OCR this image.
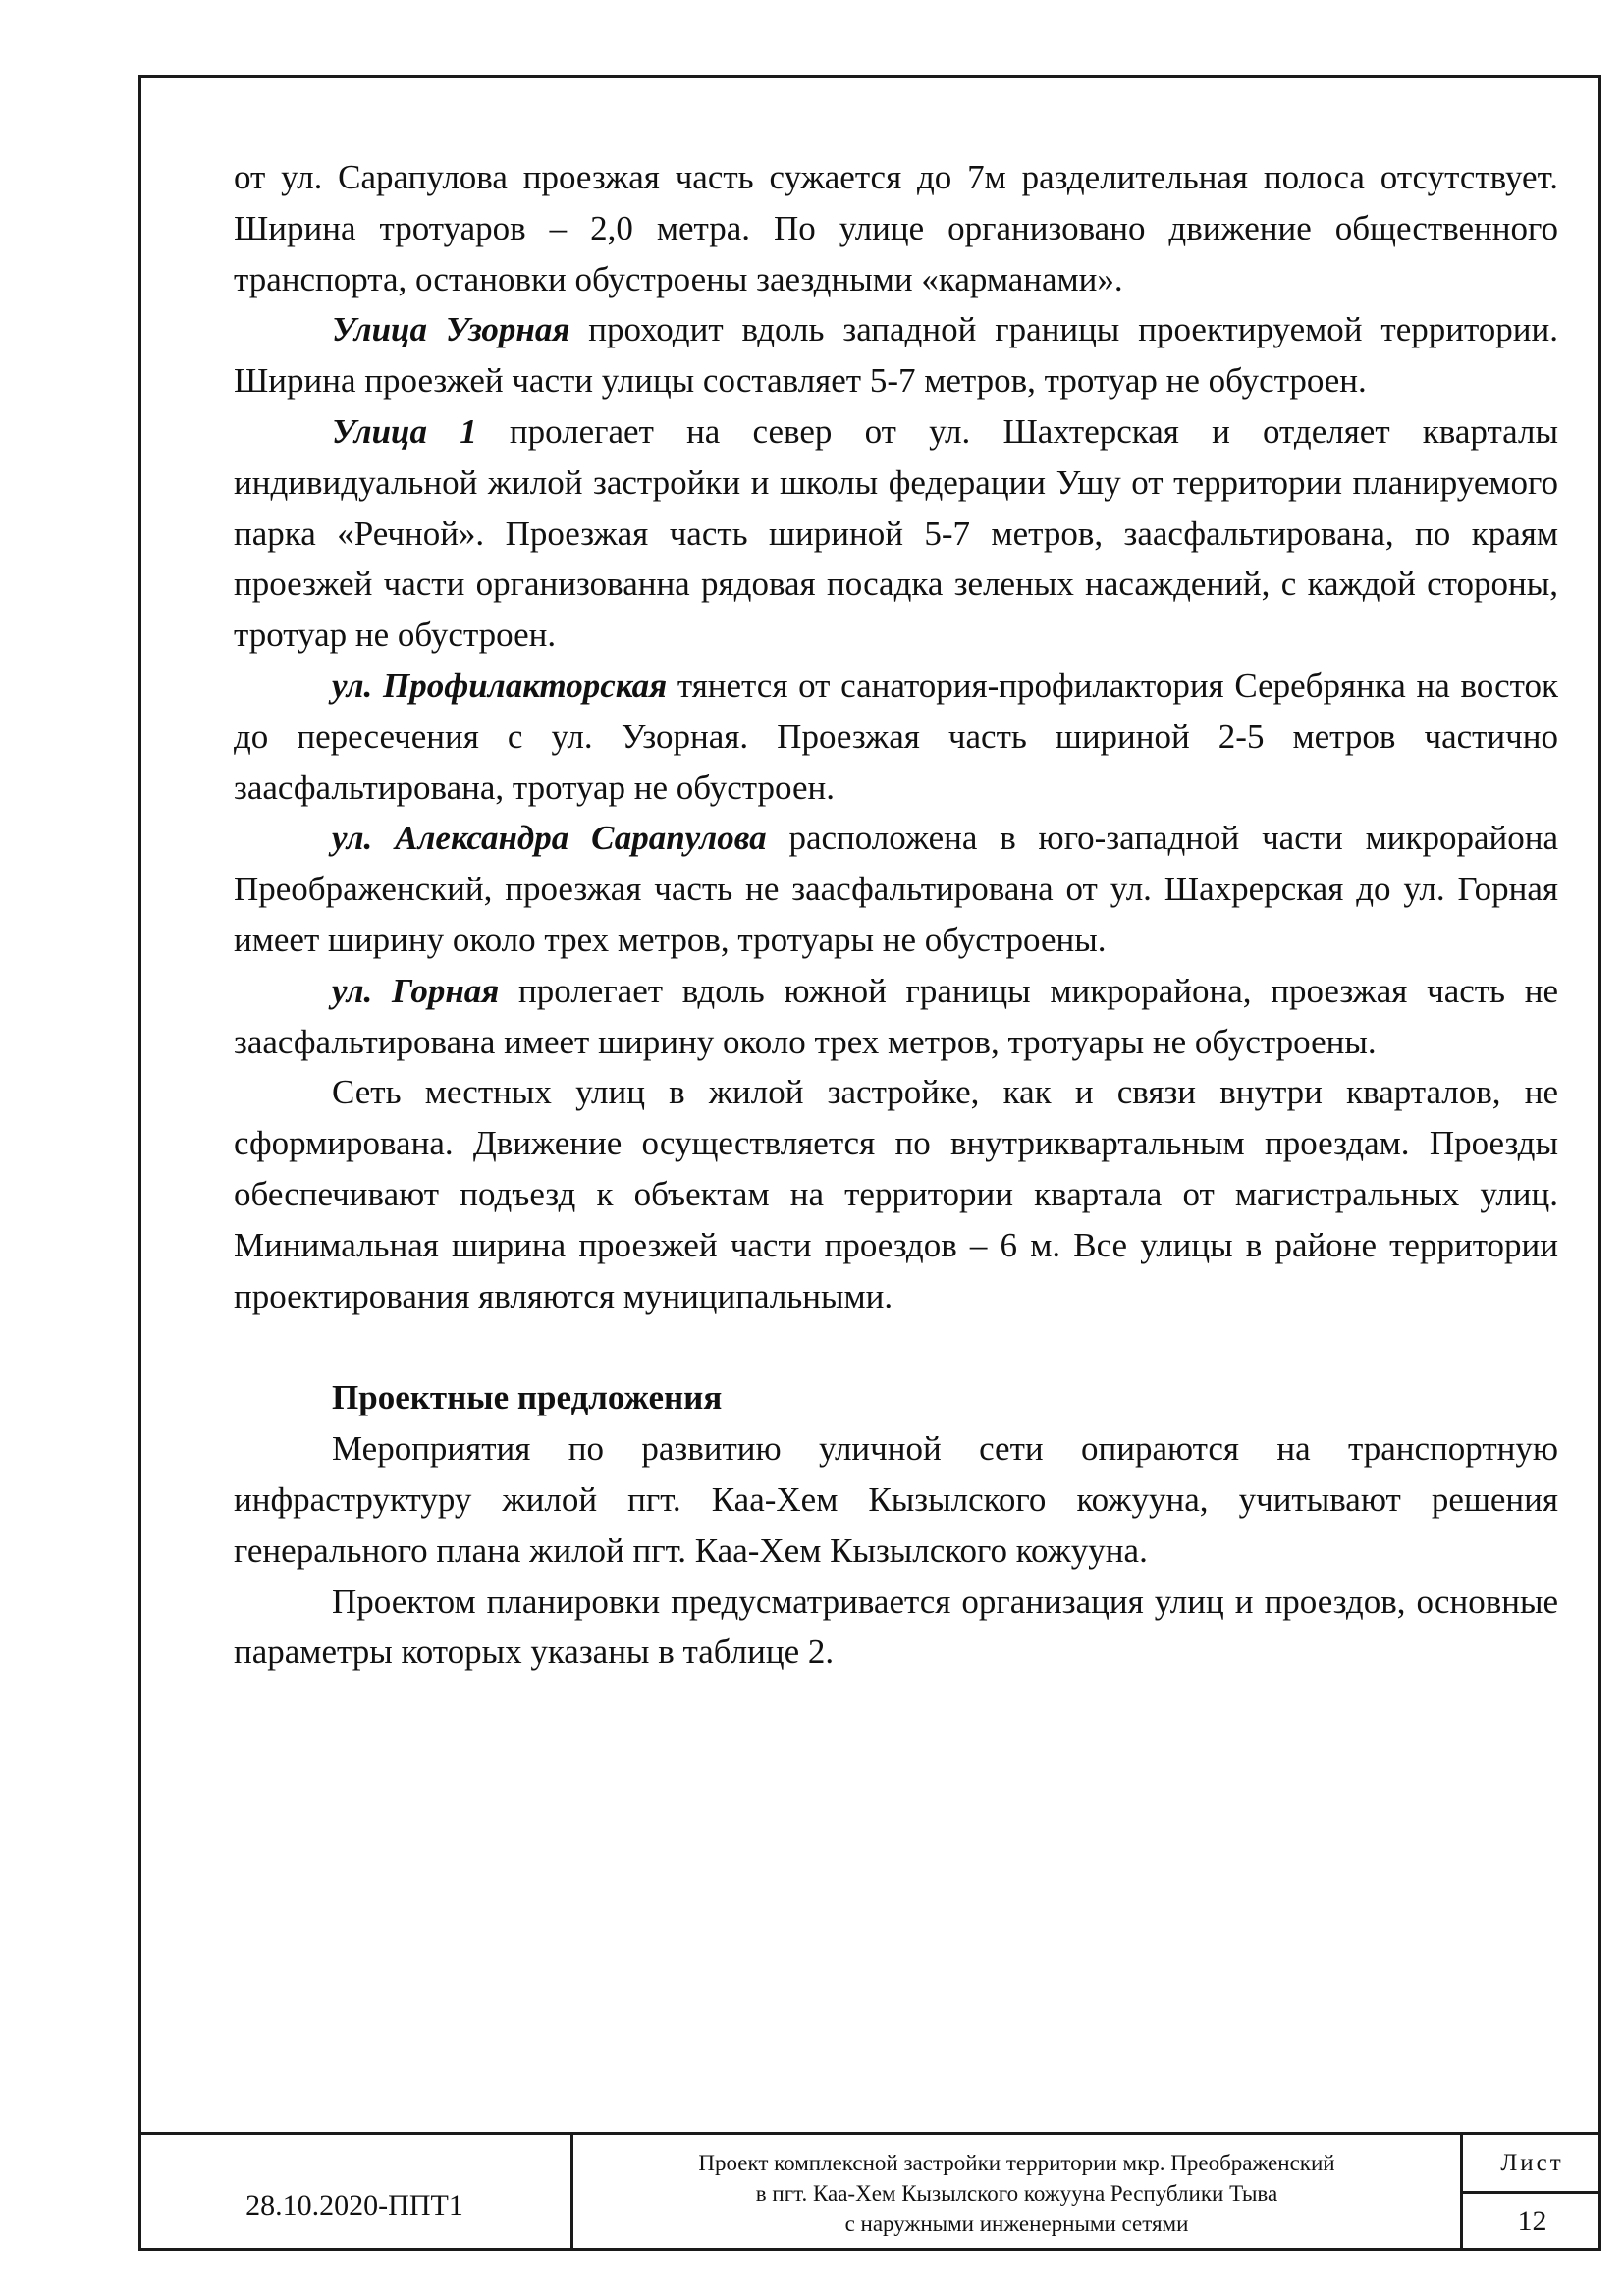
от ул. Сарапулова проезжая часть сужается до 7м разделительная полоса отсутствует. Ширина тротуаров – 2,0 метра. По улице организовано движение общественного транспорта, остановки обустроены заездными «карманами».

Улица Узорная проходит вдоль западной границы проектируемой территории. Ширина проезжей части улицы составляет 5-7 метров, тротуар не обустроен.

Улица 1 пролегает на север от ул. Шахтерская и отделяет кварталы индивидуальной жилой застройки и школы федерации Ушу от территории планируемого парка «Речной». Проезжая часть шириной 5-7 метров, заасфальтирована, по краям проезжей части организованна рядовая посадка зеленых насаждений, с каждой стороны, тротуар не обустроен.

ул. Профилакторская тянется от санатория-профилактория Серебрянка на восток до пересечения с ул. Узорная. Проезжая часть шириной 2-5 метров частично заасфальтирована, тротуар не обустроен.

ул. Александра Сарапулова расположена в юго-западной части микрорайона Преображенский, проезжая часть не заасфальтирована от ул. Шахрерская до ул. Горная имеет ширину около трех метров, тротуары не обустроены.

ул. Горная пролегает вдоль южной границы микрорайона, проезжая часть не заасфальтирована имеет ширину около трех метров, тротуары не обустроены.

Сеть местных улиц в жилой застройке, как и связи внутри кварталов, не сформирована. Движение осуществляется по внутриквартальным проездам. Проезды обеспечивают подъезд к объектам на территории квартала от магистральных улиц. Минимальная ширина проезжей части проездов – 6 м. Все улицы в районе территории проектирования являются муниципальными.

Проектные предложения

Мероприятия по развитию уличной сети опираются на транспортную инфраструктуру жилой пгт. Каа-Хем Кызылского кожууна, учитывают решения генерального плана жилой пгт. Каа-Хем Кызылского кожууна.

Проектом планировки предусматривается организация улиц и проездов, основные параметры которых указаны в таблице 2.

28.10.2020-ППТ1
Проект комплексной застройки территории мкр. Преображенский
в пгт. Каа-Хем Кызылского кожууна Республики Тыва
с наружными инженерными сетями
Лист
12
